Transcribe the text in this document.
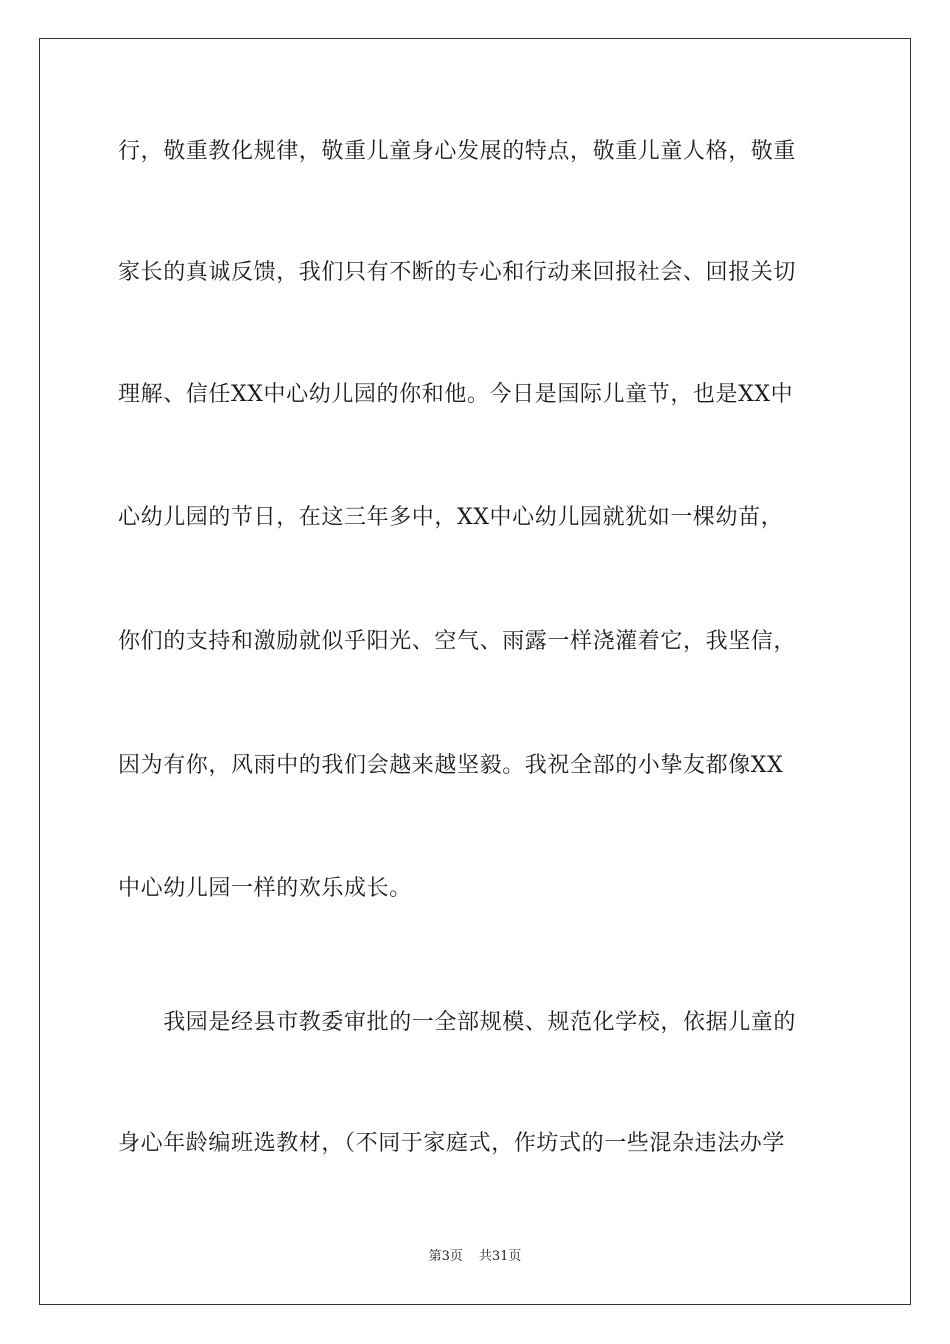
行，敬重教化规律，敬重儿童身心发展的特点，敬重儿童人格，敬重

家长的真诚反馈，我们只有不断的专心和行动来回报社会、回报关切

理解、信任XX中心幼儿园的你和他。今日是国际儿童节，也是XX中

心幼儿园的节日，在这三年多中，XX中心幼儿园就犹如一棵幼苗，

你们的支持和激励就似乎阳光、空气、雨露一样浇灌着它，我坚信，

因为有你，风雨中的我们会越来越坚毅。我祝全部的小挚友都像XX

中心幼儿园一样的欢乐成长。

　　我园是经县市教委审批的一全部规模、规范化学校，依据儿童的

身心年龄编班选教材，（不同于家庭式，作坊式的一些混杂违法办学

第3页 共31页
